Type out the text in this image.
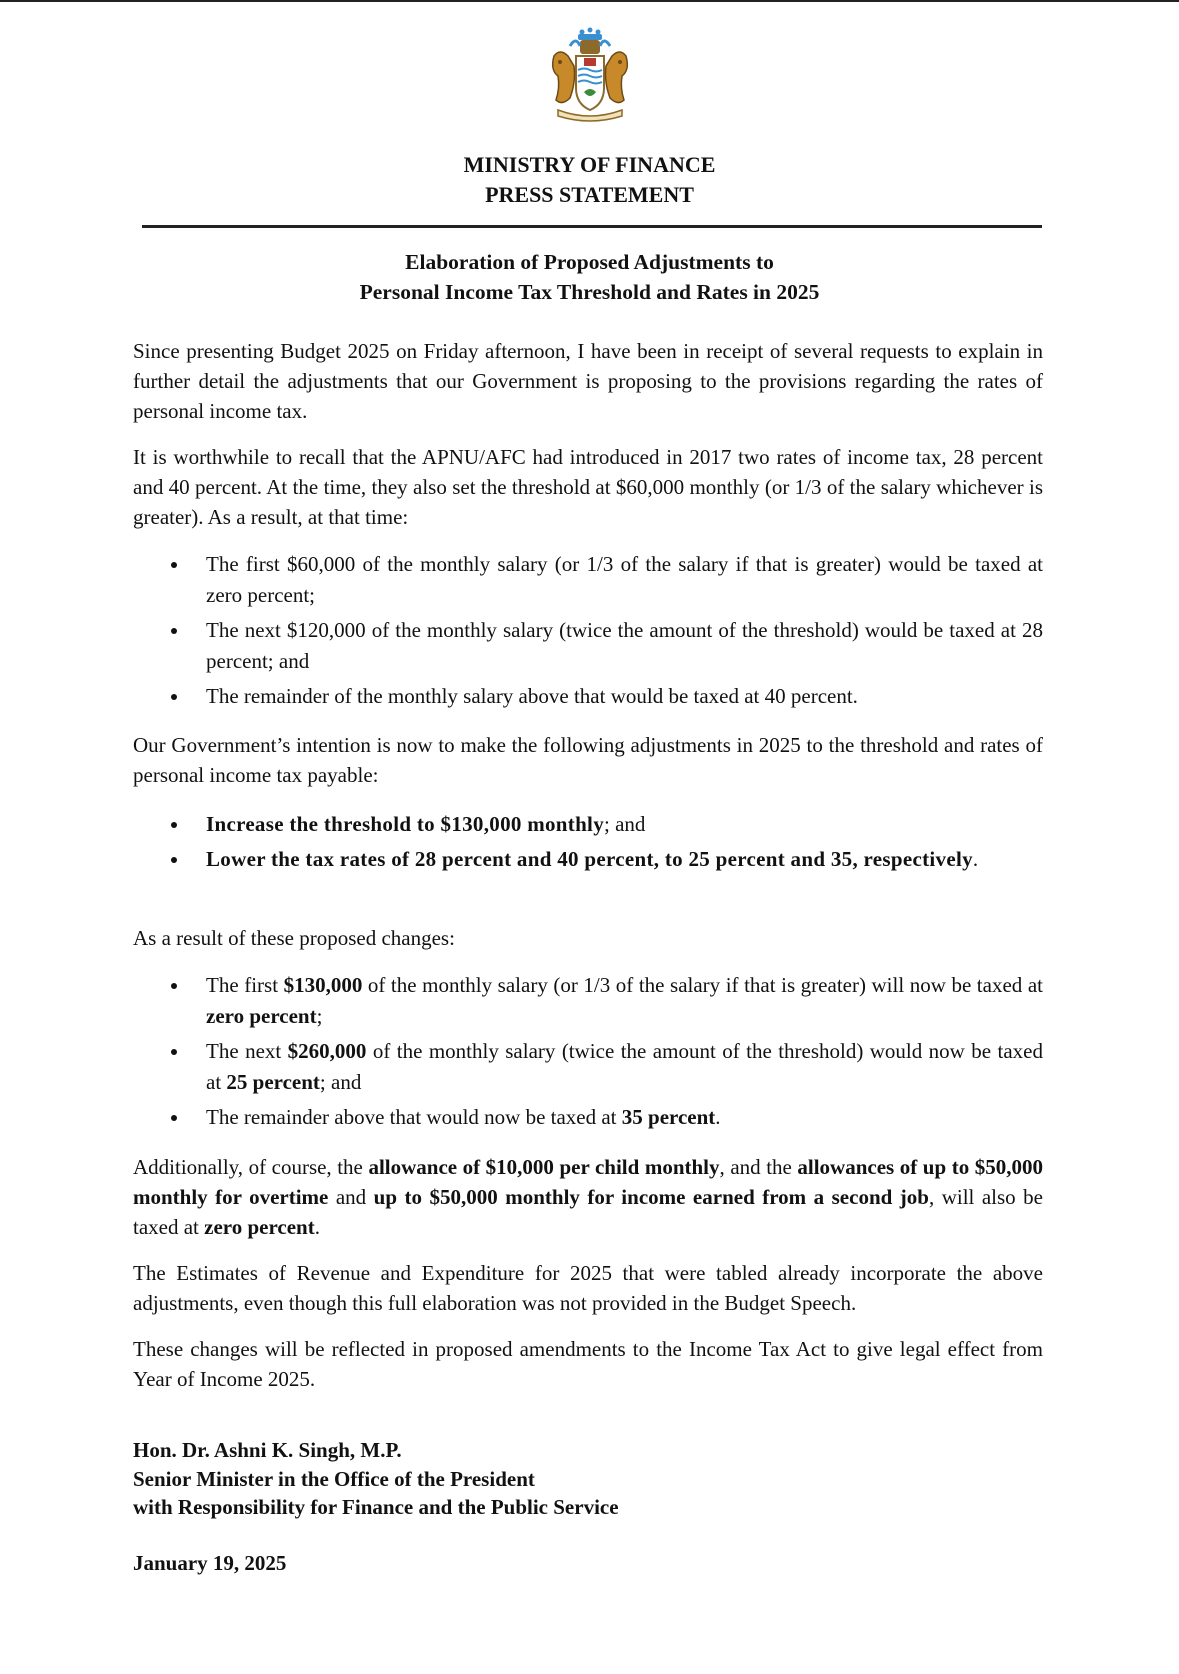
MINISTRY OF FINANCE
PRESS STATEMENT
Elaboration of Proposed Adjustments to
Personal Income Tax Threshold and Rates in 2025

Since presenting Budget 2025 on Friday afternoon, I have been in receipt of several requests to explain in further detail the adjustments that our Government is proposing to the provisions regarding the rates of personal income tax.

It is worthwhile to recall that the APNU/AFC had introduced in 2017 two rates of income tax, 28 percent and 40 percent. At the time, they also set the threshold at $60,000 monthly (or 1/3 of the salary whichever is greater). As a result, at that time:

The first $60,000 of the monthly salary (or 1/3 of the salary if that is greater) would be taxed at zero percent;
The next $120,000 of the monthly salary (twice the amount of the threshold) would be taxed at 28 percent; and
The remainder of the monthly salary above that would be taxed at 40 percent.

Our Government’s intention is now to make the following adjustments in 2025 to the threshold and rates of personal income tax payable:

Increase the threshold to $130,000 monthly; and
Lower the tax rates of 28 percent and 40 percent, to 25 percent and 35, respectively.

As a result of these proposed changes:

The first $130,000 of the monthly salary (or 1/3 of the salary if that is greater) will now be taxed at zero percent;
The next $260,000 of the monthly salary (twice the amount of the threshold) would now be taxed at 25 percent; and
The remainder above that would now be taxed at 35 percent.

Additionally, of course, the allowance of $10,000 per child monthly, and the allowances of up to $50,000 monthly for overtime and up to $50,000 monthly for income earned from a second job, will also be taxed at zero percent.

The Estimates of Revenue and Expenditure for 2025 that were tabled already incorporate the above adjustments, even though this full elaboration was not provided in the Budget Speech.

These changes will be reflected in proposed amendments to the Income Tax Act to give legal effect from Year of Income 2025.

Hon. Dr. Ashni K. Singh, M.P.
Senior Minister in the Office of the President
with Responsibility for Finance and the Public Service
January 19, 2025
